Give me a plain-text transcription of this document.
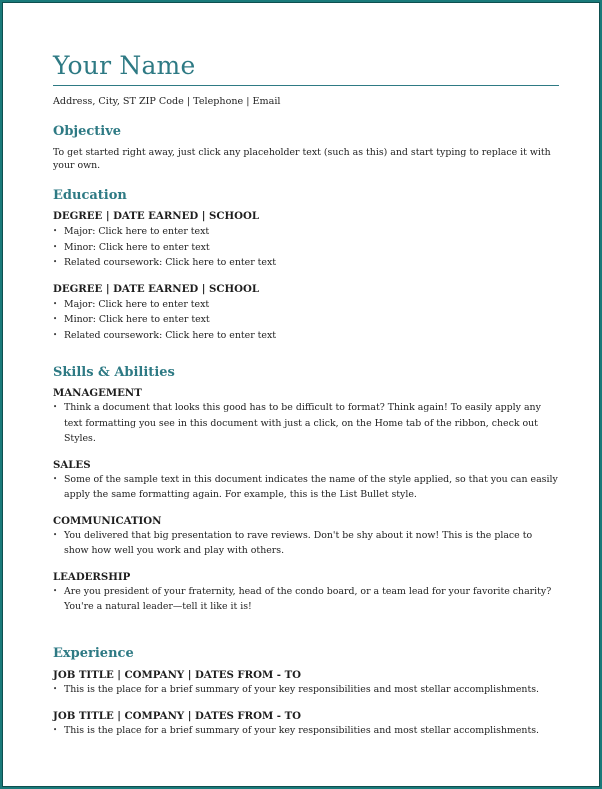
Your Name
Address, City, ST ZIP Code | Telephone | Email
Objective
To get started right away, just click any placeholder text (such as this) and start typing to replace it with your own.
Education
DEGREE | DATE EARNED | SCHOOL
• Major: Click here to enter text
• Minor: Click here to enter text
• Related coursework: Click here to enter text
DEGREE | DATE EARNED | SCHOOL
• Major: Click here to enter text
• Minor: Click here to enter text
• Related coursework: Click here to enter text
Skills & Abilities
MANAGEMENT
• Think a document that looks this good has to be difficult to format? Think again! To easily apply any text formatting you see in this document with just a click, on the Home tab of the ribbon, check out Styles.
SALES
• Some of the sample text in this document indicates the name of the style applied, so that you can easily apply the same formatting again. For example, this is the List Bullet style.
COMMUNICATION
• You delivered that big presentation to rave reviews. Don't be shy about it now! This is the place to show how well you work and play with others.
LEADERSHIP
• Are you president of your fraternity, head of the condo board, or a team lead for your favorite charity? You're a natural leader—tell it like it is!
Experience
JOB TITLE | COMPANY | DATES FROM - TO
• This is the place for a brief summary of your key responsibilities and most stellar accomplishments.
JOB TITLE | COMPANY | DATES FROM - TO
• This is the place for a brief summary of your key responsibilities and most stellar accomplishments.
